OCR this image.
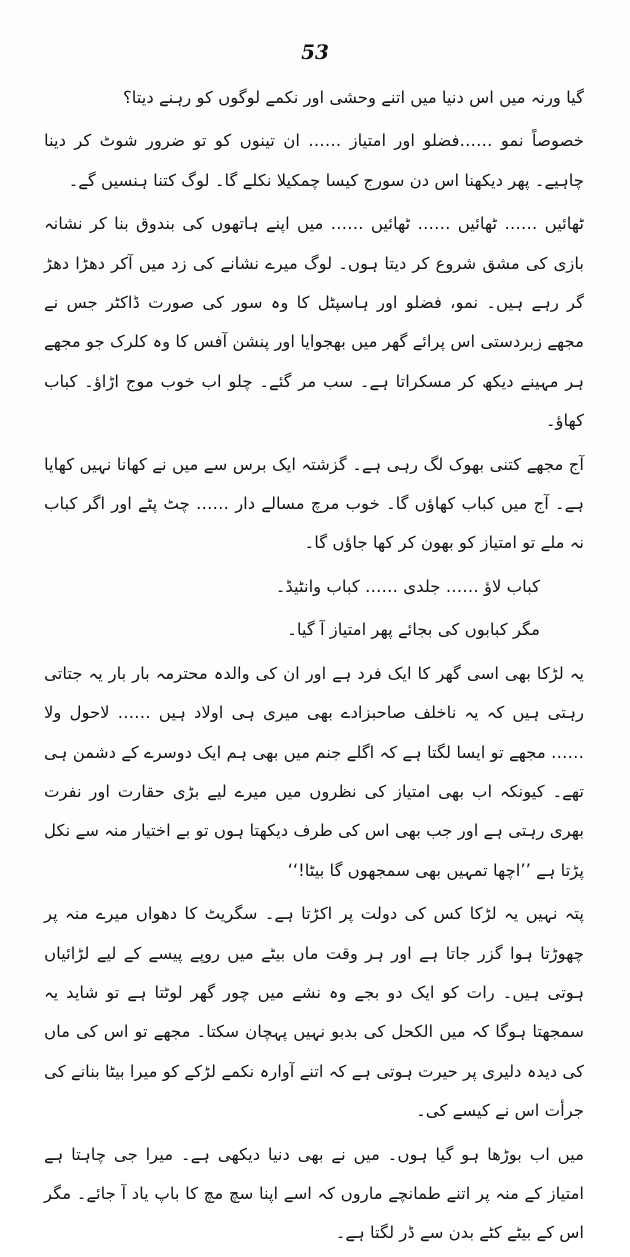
53

گیا ورنہ میں اس دنیا میں اتنے وحشی اور نکمے لوگوں کو رہنے دیتا؟

خصوصاً نمو ……فضلو اور امتیاز …… ان تینوں کو تو ضرور شوٹ کر دینا چاہیے۔ پھر دیکھنا اس دن سورج کیسا چمکیلا نکلے گا۔ لوگ کتنا ہنسیں گے۔

ٹھائیں …… ٹھائیں …… ٹھائیں …… میں اپنے ہاتھوں کی بندوق بنا کر نشانہ بازی کی مشق شروع کر دیتا ہوں۔ لوگ میرے نشانے کی زد میں آکر دھڑا دھڑ گر رہے ہیں۔ نمو، فضلو اور ہاسپٹل کا وہ سور کی صورت ڈاکٹر جس نے مجھے زبردستی اس پرائے گھر میں بھجوایا اور پنشن آفس کا وہ کلرک جو مجھے ہر مہینے دیکھ کر مسکراتا ہے۔ سب مر گئے۔ چلو اب خوب موج اڑاؤ۔ کباب کھاؤ۔

آج مجھے کتنی بھوک لگ رہی ہے۔ گزشتہ ایک برس سے میں نے کھانا نہیں کھایا ہے۔ آج میں کباب کھاؤں گا۔ خوب مرچ مسالے دار …… چٹ پٹے اور اگر کباب نہ ملے تو امتیاز کو بھون کر کھا جاؤں گا۔

کباب لاؤ …… جلدی …… کباب وانٹیڈ۔

مگر کبابوں کی بجائے پھر امتیاز آ گیا۔

یہ لڑکا بھی اسی گھر کا ایک فرد ہے اور ان کی والدہ محترمہ بار بار یہ جتاتی رہتی ہیں کہ یہ ناخلف صاحبزادے بھی میری ہی اولاد ہیں …… لاحول ولا …… مجھے تو ایسا لگتا ہے کہ اگلے جنم میں بھی ہم ایک دوسرے کے دشمن ہی تھے۔ کیونکہ اب بھی امتیاز کی نظروں میں میرے لیے بڑی حقارت اور نفرت بھری رہتی ہے اور جب بھی اس کی طرف دیکھتا ہوں تو بے اختیار منہ سے نکل پڑتا ہے ’’اچھا تمہیں بھی سمجھوں گا بیٹا!‘‘

پتہ نہیں یہ لڑکا کس کی دولت پر اکڑتا ہے۔ سگریٹ کا دھواں میرے منہ پر چھوڑتا ہوا گزر جاتا ہے اور ہر وقت ماں بیٹے میں روپے پیسے کے لیے لڑائیاں ہوتی ہیں۔ رات کو ایک دو بجے وہ نشے میں چور گھر لوٹتا ہے تو شاید یہ سمجھتا ہوگا کہ میں الکحل کی بدبو نہیں پہچان سکتا۔ مجھے تو اس کی ماں کی دیدہ دلیری پر حیرت ہوتی ہے کہ اتنے آوارہ نکمے لڑکے کو میرا بیٹا بنانے کی جرأت اس نے کیسے کی۔

میں اب بوڑھا ہو گیا ہوں۔ میں نے بھی دنیا دیکھی ہے۔ میرا جی چاہتا ہے امتیاز کے منہ پر اتنے طمانچے ماروں کہ اسے اپنا سچ مچ کا باپ یاد آ جائے۔ مگر اس کے بیٹے کٹے بدن سے ڈر لگتا ہے۔
